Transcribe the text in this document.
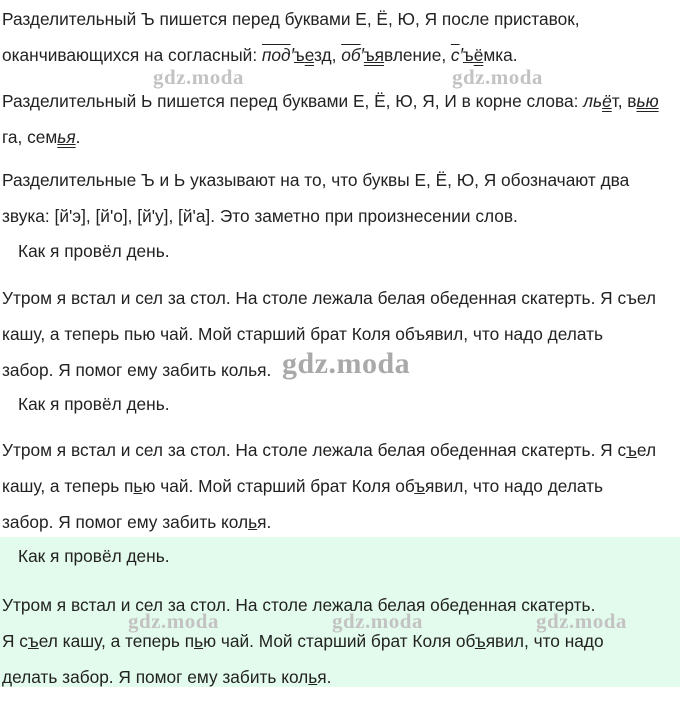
Разделительный Ъ пишется перед буквами Е, Ё, Ю, Я после приставок,
оканчивающихся на согласный: подꞌъезд, обꞌъявление, сꞌъёмка.
Разделительный Ь пишется перед буквами Е, Ё, Ю, Я, И в корне слова: льёт, вью
га, семья.
Разделительные Ъ и Ь указывают на то, что буквы Е, Ё, Ю, Я обозначают два
звука: [й'э], [й'о], [й'у], [й'а]. Это заметно при произнесении слов.
Как я провёл день.
Утром я встал и сел за стол. На столе лежала белая обеденная скатерть. Я съел
кашу, а теперь пью чай. Мой старший брат Коля объявил, что надо делать
забор. Я помог ему забить колья.
Как я провёл день.
Утром я встал и сел за стол. На столе лежала белая обеденная скатерть. Я съел
кашу, а теперь пью чай. Мой старший брат Коля объявил, что надо делать
забор. Я помог ему забить колья.
Как я провёл день.
Утром я встал и сел за стол. На столе лежала белая обеденная скатерть.
Я съел кашу, а теперь пью чай. Мой старший брат Коля объявил, что надо
делать забор. Я помог ему забить колья.
gdz.moda	gdz.moda
gdz.moda
gdz.moda	gdz.moda	gdz.moda
